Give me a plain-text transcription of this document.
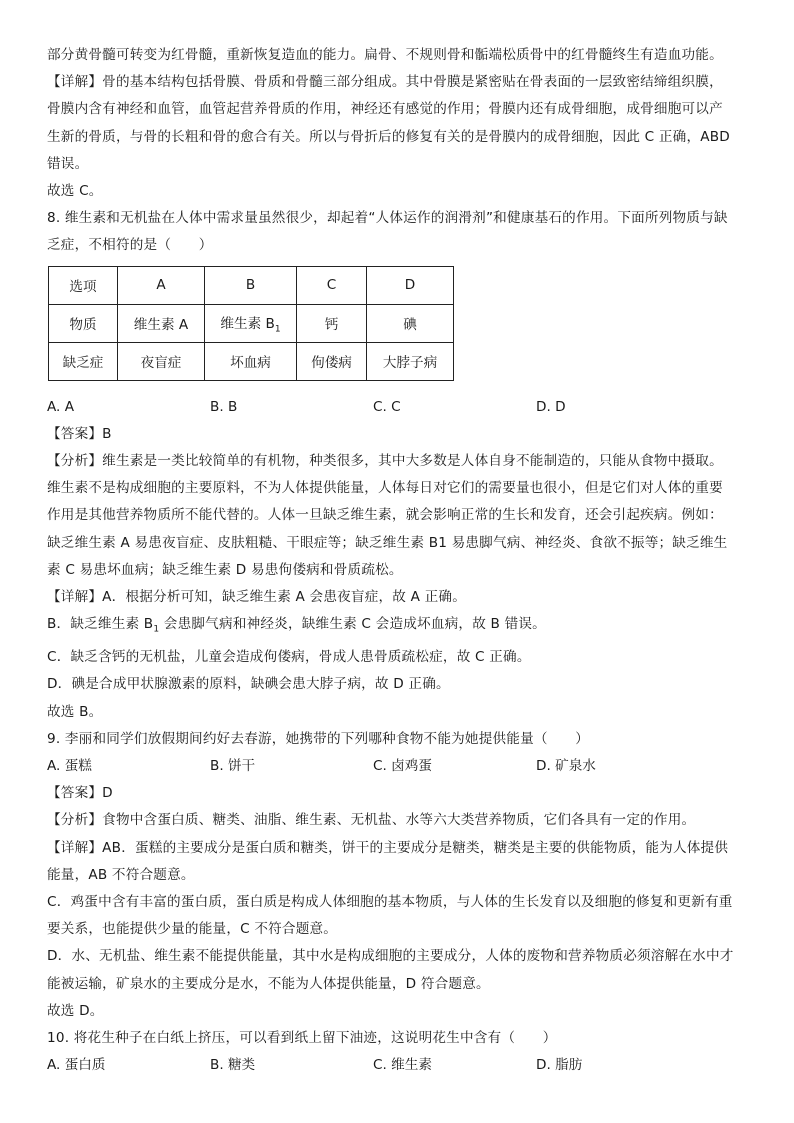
部分黄骨髓可转变为红骨髓，重新恢复造血的能力。扁骨、不规则骨和骺端松质骨中的红骨髓终生有造血功能。
【详解】骨的基本结构包括骨膜、骨质和骨髓三部分组成。其中骨膜是紧密贴在骨表面的一层致密结缔组织膜，
骨膜内含有神经和血管，血管起营养骨质的作用，神经还有感觉的作用；骨膜内还有成骨细胞，成骨细胞可以产
生新的骨质，与骨的长粗和骨的愈合有关。所以与骨折后的修复有关的是骨膜内的成骨细胞，因此 C 正确，ABD
错误。
故选 C。
8. 维生素和无机盐在人体中需求量虽然很少，却起着“人体运作的润滑剂”和健康基石的作用。下面所列物质与缺
乏症，不相符的是（　　）
选项	A	B	C	D
物质	维生素 A	维生素 $B_1$	钙	碘
缺乏症	夜盲症	坏血病	佝偻病	大脖子病
A. A	B. B	C. C	D. D
【答案】B
【分析】维生素是一类比较简单的有机物，种类很多，其中大多数是人体自身不能制造的，只能从食物中摄取。
维生素不是构成细胞的主要原料，不为人体提供能量，人体每日对它们的需要量也很小，但是它们对人体的重要
作用是其他营养物质所不能代替的。人体一旦缺乏维生素，就会影响正常的生长和发育，还会引起疾病。例如：
缺乏维生素 A 易患夜盲症、皮肤粗糙、干眼症等；缺乏维生素 B1 易患脚气病、神经炎、食欲不振等；缺乏维生
素 C 易患坏血病；缺乏维生素 D 易患佝偻病和骨质疏松。
【详解】A．根据分析可知，缺乏维生素 A 会患夜盲症，故 A 正确。
B．缺乏维生素 $B_1$ 会患脚气病和神经炎，缺维生素 C 会造成坏血病，故 B 错误。
C．缺乏含钙的无机盐，儿童会造成佝偻病，骨成人患骨质疏松症，故 C 正确。
D．碘是合成甲状腺激素的原料，缺碘会患大脖子病，故 D 正确。
故选 B。
9. 李丽和同学们放假期间约好去春游，她携带的下列哪种食物不能为她提供能量（　　）
A. 蛋糕	B. 饼干	C. 卤鸡蛋	D. 矿泉水
【答案】D
【分析】食物中含蛋白质、糖类、油脂、维生素、无机盐、水等六大类营养物质，它们各具有一定的作用。
【详解】AB．蛋糕的主要成分是蛋白质和糖类，饼干的主要成分是糖类，糖类是主要的供能物质，能为人体提供
能量，AB 不符合题意。
C．鸡蛋中含有丰富的蛋白质，蛋白质是构成人体细胞的基本物质，与人体的生长发育以及细胞的修复和更新有重
要关系，也能提供少量的能量，C 不符合题意。
D．水、无机盐、维生素不能提供能量，其中水是构成细胞的主要成分，人体的废物和营养物质必须溶解在水中才
能被运输，矿泉水的主要成分是水，不能为人体提供能量，D 符合题意。
故选 D。
10. 将花生种子在白纸上挤压，可以看到纸上留下油迹，这说明花生中含有（　　）
A. 蛋白质	B. 糖类	C. 维生素	D. 脂肪
